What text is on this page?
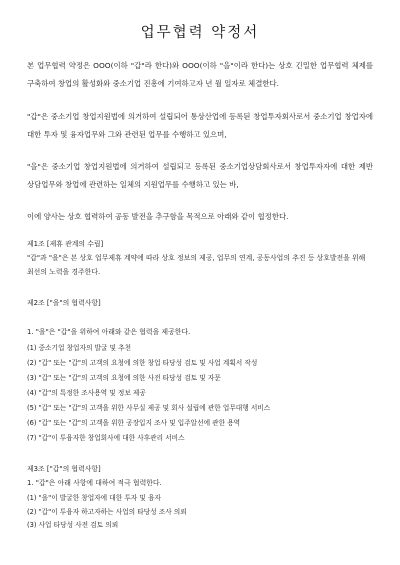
업무협력 약정서

본 업무협력 약정은 OOO(이하 "갑"라 한다)와 OOO(이하 "을"이라 한다)는 상호 긴밀한 업무협력 체제를 구축하여 창업의 활성화와 중소기업 진흥에 기여하고자 년 월 일자로 체결한다.

"갑"은 중소기업 창업지원법에 의거하여 설립되어 통상산업에 등록된 창업투자회사로서 중소기업 창업자에 대한 투자 및 융자업무와 그와 관련된 업무를 수행하고 있으며,

"을"은 중소기업 창업지원법에 의거하여 설립되고 등록된 중소기업상담회사로서 창업투자자에 대한 제반 상담업무와 창업에 관련하는 일체의 지원업무를 수행하고 있는 바,

이에 양사는 상호 협력하여 공동 발전을 추구함을 목적으로 아래와 같이 협정한다.

제1조 [제휴 관계의 수립]
"갑"과 "을"은 본 상호 업무제휴 계약에 따라 상호 정보의 제공, 업무의 연계, 공동사업의 추진 등 상호발전을 위해 최선의 노력을 경주한다.
제2조 ["을"의 협력사항]
1. "을"은 "갑"을 위하여 아래와 같은 협력을 제공한다.
(1) 중소기업 창업자의 발굴 및 추천
(2) "갑" 또는 "갑"의 고객의 요청에 의한 창업 타당성 검토 및 사업 계획서 작성
(3) "갑" 또는 "갑"의 고객의 요청에 의한 사전 타당성 검토 및 자문
(4) "갑"의 특정한 조사용역 및 정보 제공
(5) "갑" 또는 "갑"의 고객을 위한 사무실 제공 및 회사 설립에 관한 업무대행 서비스
(6) "갑" 또는 "갑"의 고객을 위한 공장입지 조사 및 입주알선에 관한 용역
(7) "갑"이 투융자한 창업회사에 대한 사후관리 서비스
제3조 ["갑"의 협력사항]
1. "갑"은 아래 사항에 대하여 적극 협력한다.
(1) "을"이 발굴한 창업자에 대한 투자 및 융자
(2) "갑"이 투융자 하고자하는 사업의 타당성 조사 의뢰
(3) 사업 타당성 사전 검토 의뢰
